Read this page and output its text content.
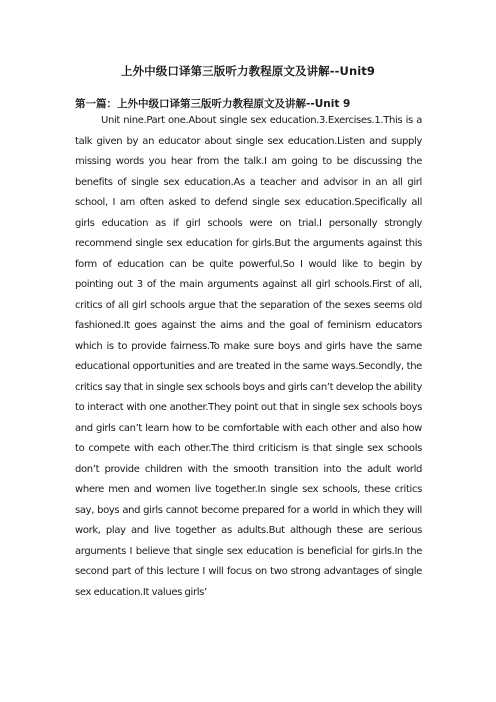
上外中级口译第三版听力教程原文及讲解--Unit9
第一篇：上外中级口译第三版听力教程原文及讲解--Unit 9

Unit nine.Part one.About single sex education.3.Exercises.1.This is a talk given by an educator about single sex education.Listen and supply missing words you hear from the talk.I am going to be discussing the benefits of single sex education.As a teacher and advisor in an all girl school, I am often asked to defend single sex education.Specifically all girls education as if girl schools were on trial.I personally strongly recommend single sex education for girls.But the arguments against this form of education can be quite powerful.So I would like to begin by pointing out 3 of the main arguments against all girl schools.First of all, critics of all girl schools argue that the separation of the sexes seems old fashioned.It goes against the aims and the goal of feminism educators which is to provide fairness.To make sure boys and girls have the same educational opportunities and are treated in the same ways.Secondly, the critics say that in single sex schools boys and girls can’t develop the ability to interact with one another.They point out that in single sex schools boys and girls can’t learn how to be comfortable with each other and also how to compete with each other.The third criticism is that single sex schools don’t provide children with the smooth transition into the adult world where men and women live together.In single sex schools, these critics say, boys and girls cannot become prepared for a world in which they will work, play and live together as adults.But although these are serious arguments I believe that single sex education is beneficial for girls.In the second part of this lecture I will focus on two strong advantages of single sex education.It values girls’
